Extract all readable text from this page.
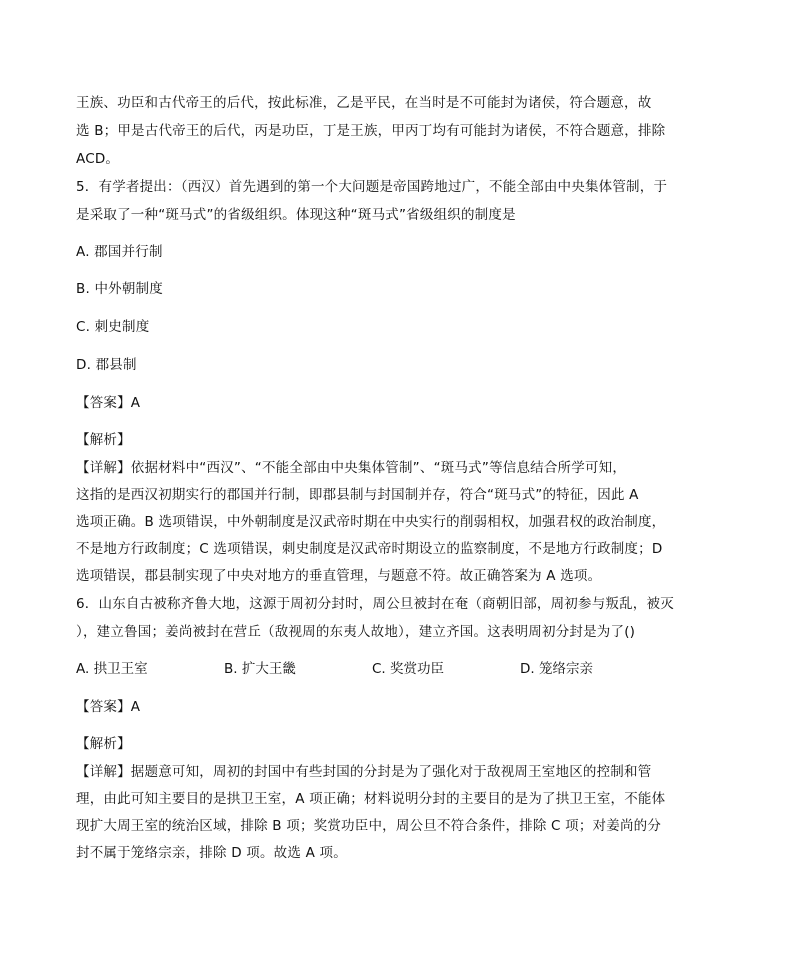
王族、功臣和古代帝王的后代，按此标准，乙是平民，在当时是不可能封为诸侯，符合题意，故
选 B；甲是古代帝王的后代，丙是功臣，丁是王族，甲丙丁均有可能封为诸侯，不符合题意，排除
ACD。
5．有学者提出：（西汉）首先遇到的第一个大问题是帝国跨地过广，不能全部由中央集体管制，于
是采取了一种“斑马式”的省级组织。体现这种“斑马式”省级组织的制度是
A. 郡国并行制
B. 中外朝制度
C. 刺史制度
D. 郡县制
【答案】A
【解析】
【详解】依据材料中“西汉”、“不能全部由中央集体管制”、“斑马式”等信息结合所学可知，
这指的是西汉初期实行的郡国并行制，即郡县制与封国制并存，符合“斑马式”的特征，因此 A
选项正确。B 选项错误，中外朝制度是汉武帝时期在中央实行的削弱相权，加强君权的政治制度，
不是地方行政制度；C 选项错误，刺史制度是汉武帝时期设立的监察制度，不是地方行政制度；D
选项错误，郡县制实现了中央对地方的垂直管理，与题意不符。故正确答案为 A 选项。
6．山东自古被称齐鲁大地，这源于周初分封时，周公旦被封在奄（商朝旧部，周初参与叛乱，被灭
），建立鲁国；姜尚被封在营丘（敌视周的东夷人故地），建立齐国。这表明周初分封是为了()
A. 拱卫王室	B. 扩大王畿	C. 奖赏功臣	D. 笼络宗亲
【答案】A
【解析】
【详解】据题意可知，周初的封国中有些封国的分封是为了强化对于敌视周王室地区的控制和管
理，由此可知主要目的是拱卫王室，A 项正确；材料说明分封的主要目的是为了拱卫王室，不能体
现扩大周王室的统治区域，排除 B 项；奖赏功臣中，周公旦不符合条件，排除 C 项；对姜尚的分
封不属于笼络宗亲，排除 D 项。故选 A 项。
